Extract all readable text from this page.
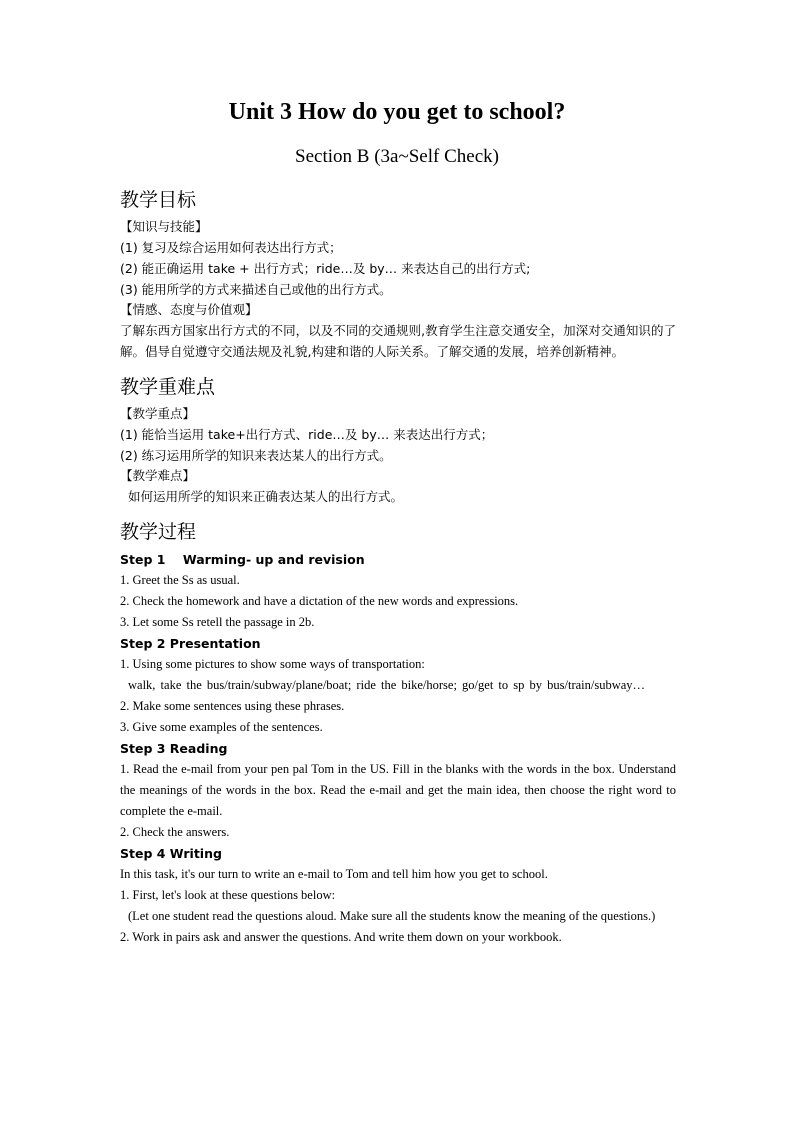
Unit 3 How do you get to school?
Section B (3a~Self Check)
教学目标
【知识与技能】
(1) 复习及综合运用如何表达出行方式；
(2) 能正确运用 take + 出行方式；ride…及 by… 来表达自己的出行方式;
(3) 能用所学的方式来描述自己或他的出行方式。
【情感、态度与价值观】
了解东西方国家出行方式的不同，以及不同的交通规则,教育学生注意交通安全，加深对交通知识的了解。倡导自觉遵守交通法规及礼貌,构建和谐的人际关系。了解交通的发展，培养创新精神。
教学重难点
【教学重点】
(1) 能恰当运用 take+出行方式、ride…及 by… 来表达出行方式；
(2) 练习运用所学的知识来表达某人的出行方式。
【教学难点】
如何运用所学的知识来正确表达某人的出行方式。
教学过程
Step 1    Warming- up and revision
1. Greet the Ss as usual.
2. Check the homework and have a dictation of the new words and expressions.
3. Let some Ss retell the passage in 2b.
Step 2 Presentation
1. Using some pictures to show some ways of transportation:
walk, take the bus/train/subway/plane/boat; ride the bike/horse; go/get to sp by bus/train/subway…
2. Make some sentences using these phrases.
3. Give some examples of the sentences.
Step 3 Reading
1. Read the e-mail from your pen pal Tom in the US. Fill in the blanks with the words in the box. Understand the meanings of the words in the box. Read the e-mail and get the main idea, then choose the right word to complete the e-mail.
2. Check the answers.
Step 4 Writing
In this task, it's our turn to write an e-mail to Tom and tell him how you get to school.
1. First, let's look at these questions below:
(Let one student read the questions aloud. Make sure all the students know the meaning of the questions.)
2. Work in pairs ask and answer the questions. And write them down on your workbook.
